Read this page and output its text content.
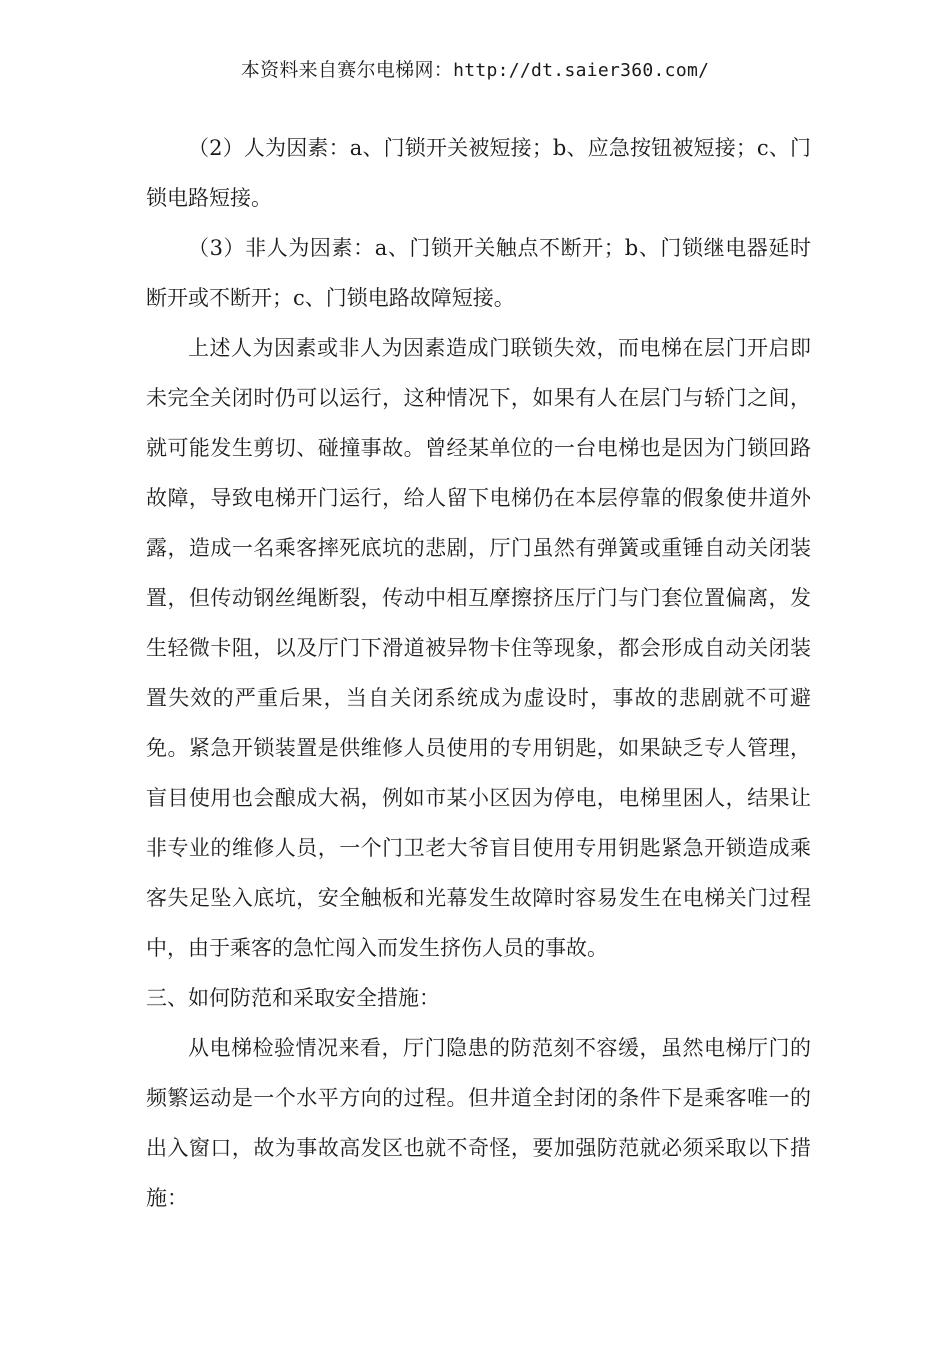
本资料来自赛尔电梯网：http://dt.saier360.com/

（2）人为因素：a、门锁开关被短接；b、应急按钮被短接；c、门锁电路短接。

（3）非人为因素：a、门锁开关触点不断开；b、门锁继电器延时断开或不断开；c、门锁电路故障短接。

上述人为因素或非人为因素造成门联锁失效，而电梯在层门开启即未完全关闭时仍可以运行，这种情况下，如果有人在层门与轿门之间，就可能发生剪切、碰撞事故。曾经某单位的一台电梯也是因为门锁回路故障，导致电梯开门运行，给人留下电梯仍在本层停靠的假象使井道外露，造成一名乘客摔死底坑的悲剧，厅门虽然有弹簧或重锤自动关闭装置，但传动钢丝绳断裂，传动中相互摩擦挤压厅门与门套位置偏离，发生轻微卡阻，以及厅门下滑道被异物卡住等现象，都会形成自动关闭装置失效的严重后果，当自关闭系统成为虚设时，事故的悲剧就不可避免。紧急开锁装置是供维修人员使用的专用钥匙，如果缺乏专人管理，盲目使用也会酿成大祸，例如市某小区因为停电，电梯里困人，结果让非专业的维修人员，一个门卫老大爷盲目使用专用钥匙紧急开锁造成乘客失足坠入底坑，安全触板和光幕发生故障时容易发生在电梯关门过程中，由于乘客的急忙闯入而发生挤伤人员的事故。

三、如何防范和采取安全措施：

从电梯检验情况来看，厅门隐患的防范刻不容缓，虽然电梯厅门的频繁运动是一个水平方向的过程。但井道全封闭的条件下是乘客唯一的出入窗口，故为事故高发区也就不奇怪，要加强防范就必须采取以下措施：
